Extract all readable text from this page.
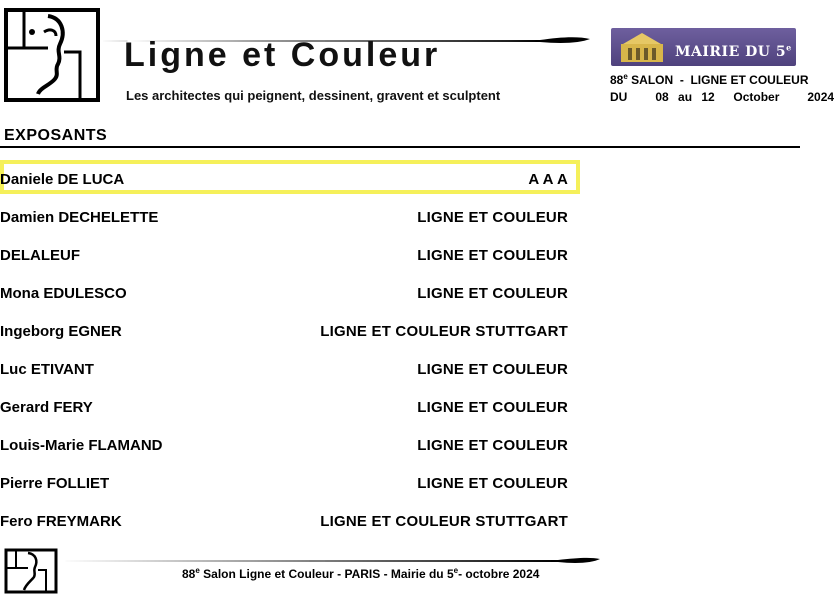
Ligne et Couleur
Les architectes qui peignent, dessinent, gravent et sculptent
MAIRIE DU 5e
88e SALON  -  LIGNE ET COULEUR
DU   08 au 12  October   2024
EXPOSANTS
Daniele DE LUCA	A A A
Damien DECHELETTE	LIGNE ET COULEUR
DELALEUF	LIGNE ET COULEUR
Mona EDULESCO	LIGNE ET COULEUR
Ingeborg EGNER	LIGNE ET COULEUR STUTTGART
Luc ETIVANT	LIGNE ET COULEUR
Gerard FERY	LIGNE ET COULEUR
Louis-Marie FLAMAND	LIGNE ET COULEUR
Pierre FOLLIET	LIGNE ET COULEUR
Fero FREYMARK	LIGNE ET COULEUR STUTTGART
88e Salon Ligne et Couleur - PARIS - Mairie du 5e- octobre 2024
